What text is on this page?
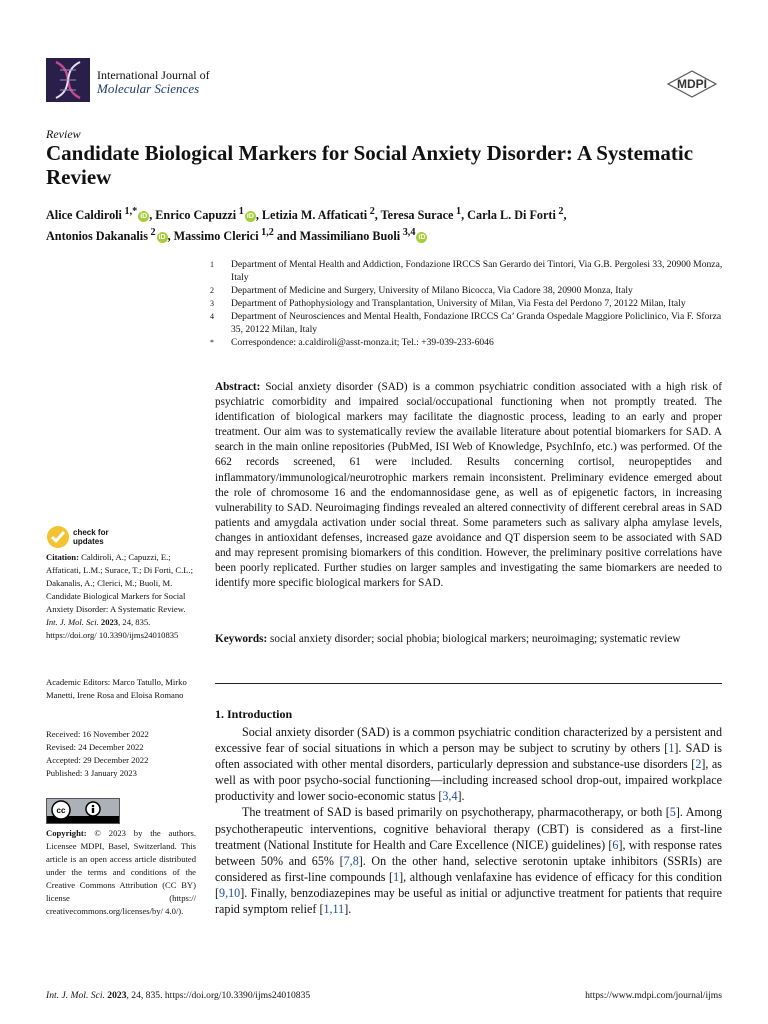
International Journal of
Molecular Sciences	MDPI
Review
Candidate Biological Markers for Social Anxiety Disorder: A Systematic Review
Alice Caldiroli $^{1,*}$ iD , Enrico Capuzzi $^1$ iD , Letizia M. Affaticati $^2$, Teresa Surace $^1$, Carla L. Di Forti $^2$,
Antonios Dakanalis $^2$ iD , Massimo Clerici $^{1,2}$ and Massimiliano Buoli $^{3,4}$ iD
1	Department of Mental Health and Addiction, Fondazione IRCCS San Gerardo dei Tintori, Via G.B. Pergolesi 33, 20900 Monza, Italy
2	Department of Medicine and Surgery, University of Milano Bicocca, Via Cadore 38, 20900 Monza, Italy
3	Department of Pathophysiology and Transplantation, University of Milan, Via Festa del Perdono 7, 20122 Milan, Italy
4	Department of Neurosciences and Mental Health, Fondazione IRCCS Ca’ Granda Ospedale Maggiore Policlinico, Via F. Sforza 35, 20122 Milan, Italy
*	Correspondence: a.caldiroli@asst-monza.it; Tel.: +39-039-233-6046
Abstract: Social anxiety disorder (SAD) is a common psychiatric condition associated with a high risk of psychiatric comorbidity and impaired social/occupational functioning when not promptly treated. The identification of biological markers may facilitate the diagnostic process, leading to an early and proper treatment. Our aim was to systematically review the available literature about potential biomarkers for SAD. A search in the main online repositories (PubMed, ISI Web of Knowledge, PsychInfo, etc.) was performed. Of the 662 records screened, 61 were included. Results concerning cortisol, neuropeptides and inflammatory/immunological/neurotrophic markers remain inconsistent. Preliminary evidence emerged about the role of chromosome 16 and the endomannosidase gene, as well as of epigenetic factors, in increasing vulnerability to SAD. Neuroimaging findings revealed an altered connectivity of different cerebral areas in SAD patients and amygdala activation under social threat. Some parameters such as salivary alpha amylase levels, changes in antioxidant defenses, increased gaze avoidance and QT dispersion seem to be associated with SAD and may represent promising biomarkers of this condition. However, the preliminary positive correlations have been poorly replicated. Further studies on larger samples and investigating the same biomarkers are needed to identify more specific biological markers for SAD.
Keywords: social anxiety disorder; social phobia; biological markers; neuroimaging; systematic review
1. Introduction

Social anxiety disorder (SAD) is a common psychiatric condition characterized by a persistent and excessive fear of social situations in which a person may be subject to scrutiny by others [1]. SAD is often associated with other mental disorders, particularly depression and substance-use disorders [2], as well as with poor psycho-social functioning—including increased school drop-out, impaired workplace productivity and lower socio-economic status [3,4].

The treatment of SAD is based primarily on psychotherapy, pharmacotherapy, or both [5]. Among psychotherapeutic interventions, cognitive behavioral therapy (CBT) is considered as a first-line treatment (National Institute for Health and Care Excellence (NICE) guidelines) [6], with response rates between 50% and 65% [7,8]. On the other hand, selective serotonin uptake inhibitors (SSRIs) are considered as first-line compounds [1], although venlafaxine has evidence of efficacy for this condition [9,10]. Finally, benzodiazepines may be useful as initial or adjunctive treatment for patients that require rapid symptom relief [1,11].

check for
updates
Citation: Caldiroli, A.; Capuzzi, E.; Affaticati, L.M.; Surace, T.; Di Forti, C.L.; Dakanalis, A.; Clerici, M.; Buoli, M. Candidate Biological Markers for Social Anxiety Disorder: A Systematic Review. Int. J. Mol. Sci. 2023, 24, 835. https://doi.org/ 10.3390/ijms24010835
Academic Editors: Marco Tatullo, Mirko Manetti, Irene Rosa and Eloisa Romano
Received: 16 November 2022
Revised: 24 December 2022
Accepted: 29 December 2022
Published: 3 January 2023
cc
Copyright: © 2023 by the authors. Licensee MDPI, Basel, Switzerland. This article is an open access article distributed under the terms and conditions of the Creative Commons Attribution (CC BY) license (https:// creativecommons.org/licenses/by/ 4.0/).
Int. J. Mol. Sci. 2023, 24, 835. https://doi.org/10.3390/ijms24010835	https://www.mdpi.com/journal/ijms
